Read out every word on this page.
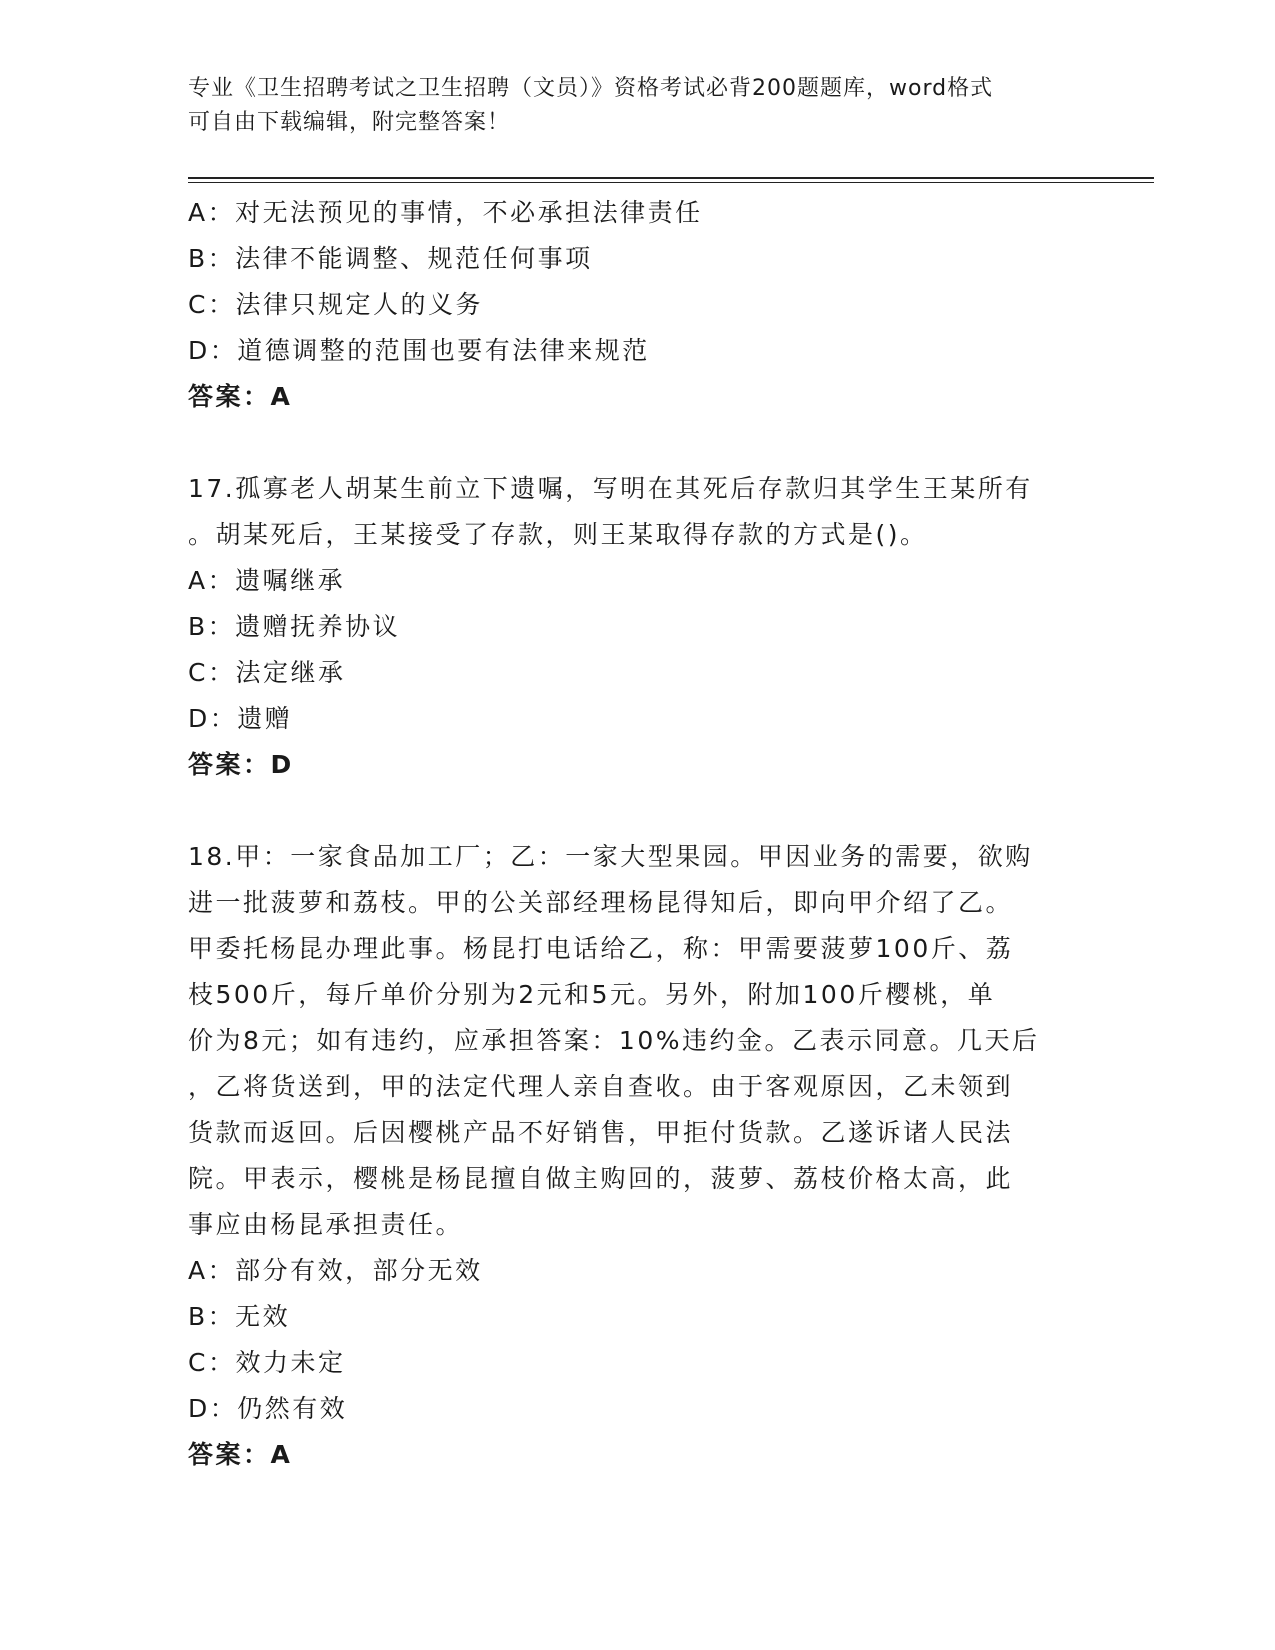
专业《卫生招聘考试之卫生招聘（文员）》资格考试必背200题题库，word格式
可自由下载编辑，附完整答案！
A：对无法预见的事情，不必承担法律责任
B：法律不能调整、规范任何事项
C：法律只规定人的义务
D：道德调整的范围也要有法律来规范
答案：A
17.孤寡老人胡某生前立下遗嘱，写明在其死后存款归其学生王某所有
。胡某死后，王某接受了存款，则王某取得存款的方式是()。
A：遗嘱继承
B：遗赠抚养协议
C：法定继承
D：遗赠
答案：D
18.甲：一家食品加工厂；乙：一家大型果园。甲因业务的需要，欲购
进一批菠萝和荔枝。甲的公关部经理杨昆得知后，即向甲介绍了乙。
甲委托杨昆办理此事。杨昆打电话给乙，称：甲需要菠萝100斤、荔
枝500斤，每斤单价分别为2元和5元。另外，附加100斤樱桃，单
价为8元；如有违约，应承担答案：10%违约金。乙表示同意。几天后
，乙将货送到，甲的法定代理人亲自查收。由于客观原因，乙未领到
货款而返回。后因樱桃产品不好销售，甲拒付货款。乙遂诉诸人民法
院。甲表示，樱桃是杨昆擅自做主购回的，菠萝、荔枝价格太高，此
事应由杨昆承担责任。
A：部分有效，部分无效
B：无效
C：效力未定
D：仍然有效
答案：A
